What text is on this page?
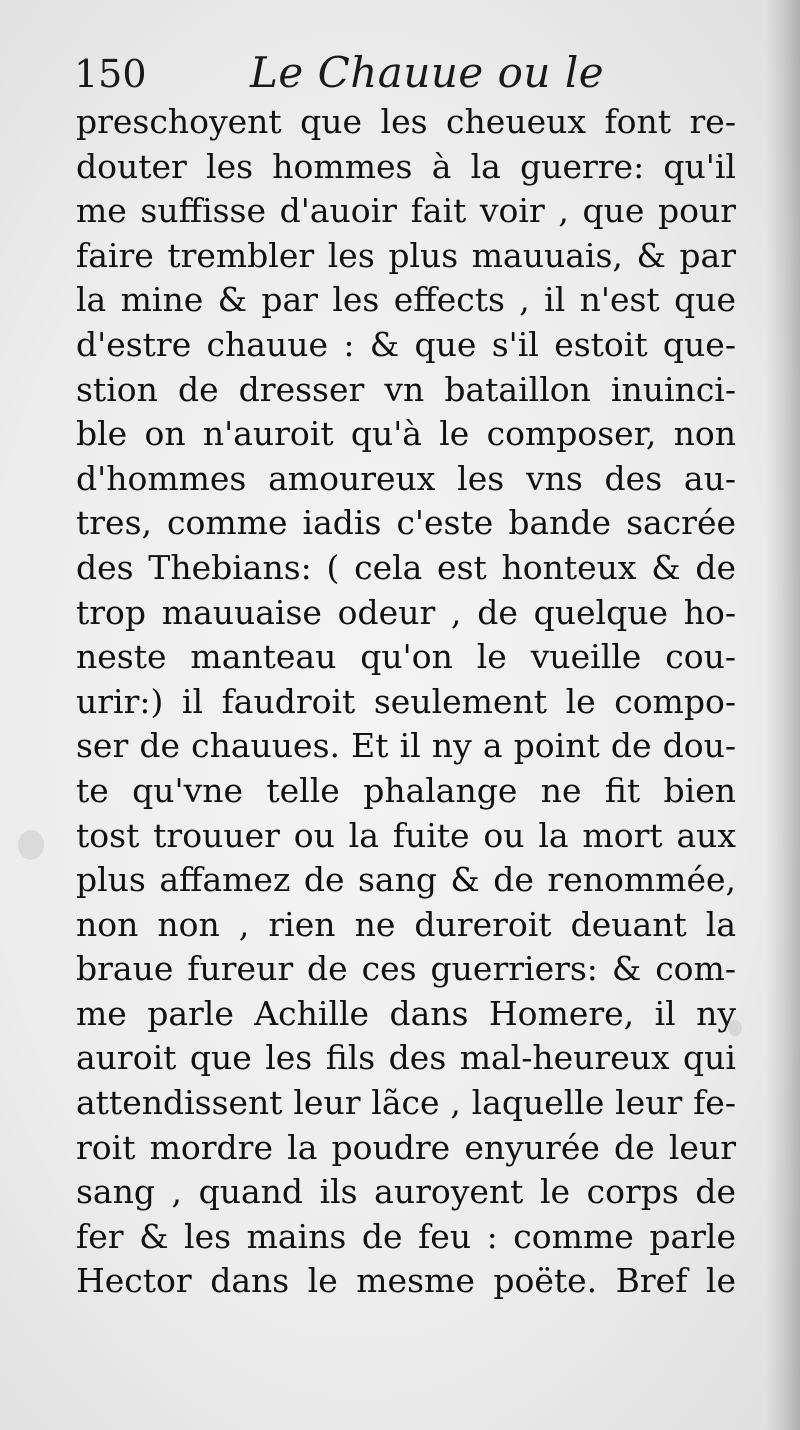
150 Le Chauue ou le
preschoyent que les cheueux font re-
douter les hommes à la guerre: qu'il
me suffisse d'auoir fait voir , que pour
faire trembler les plus mauuais, & par
la mine & par les effects , il n'est que
d'estre chauue : & que s'il estoit que-
stion de dresser vn bataillon inuinci-
ble on n'auroit qu'à le composer, non
d'hommes amoureux les vns des au-
tres, comme iadis c'este bande sacrée
des Thebians: ( cela est honteux & de
trop mauuaise odeur , de quelque ho-
neste manteau qu'on le vueille cou-
urir:) il faudroit seulement le compo-
ser de chauues. Et il ny a point de dou-
te qu'vne telle phalange ne fit bien
tost trouuer ou la fuite ou la mort aux
plus affamez de sang & de renommée,
non non , rien ne dureroit deuant la
braue fureur de ces guerriers: & com-
me parle Achille dans Homere, il ny
auroit que les fils des mal-heureux qui
attendissent leur lãce , laquelle leur fe-
roit mordre la poudre enyurée de leur
sang , quand ils auroyent le corps de
fer & les mains de feu : comme parle
Hector dans le mesme poëte. Bref le
